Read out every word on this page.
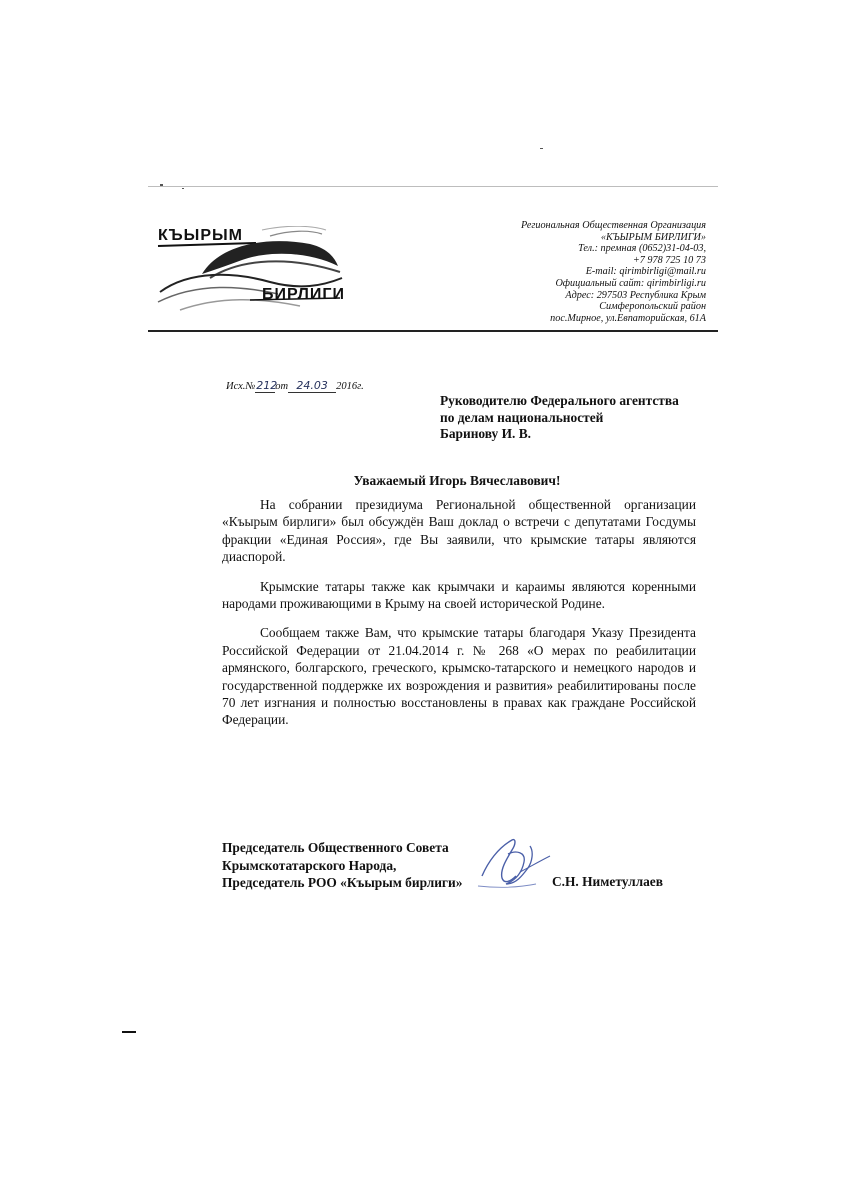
КЪЫРЫМ
БИРЛИГИ
Региональная Общественная Организация
«КЪЫРЫМ БИРЛИГИ»
Тел.: премная (0652)31-04-03,
+7 978 725 10 73
E-mail: qirimbirligi@mail.ru
Официальный сайт: qirimbirligi.ru
Адрес: 297503 Республика Крым
Симферопольский район
пос.Мирное, ул.Евпаторийская, 61А
Исх.№212от 24.03 2016г.
Руководителю Федерального агентства
по делам национальностей
Баринову И. В.
Уважаемый Игорь Вячеславович!

На собрании президиума Региональной общественной организации «Къырым бирлиги» был обсуждён Ваш доклад о встречи с депутатами Госдумы фракции «Единая Россия», где Вы заявили, что крымские татары являются диаспорой.

Крымские татары также как крымчаки и караимы являются коренными народами проживающими в Крыму на своей исторической Родине.

Сообщаем также Вам, что крымские татары благодаря Указу Президента Российской Федерации от 21.04.2014 г. № 268 «О мерах по реабилитации армянского, болгарского, греческого, крымско-татарского и немецкого народов и государственной поддержке их возрождения и развития» реабилитированы после 70 лет изгнания и полностью восстановлены в правах как граждане Российской Федерации.

Председатель Общественного Совета
Крымскотатарского Народа,
Председатель РОО «Къырым бирлиги»	С.Н. Ниметуллаев
